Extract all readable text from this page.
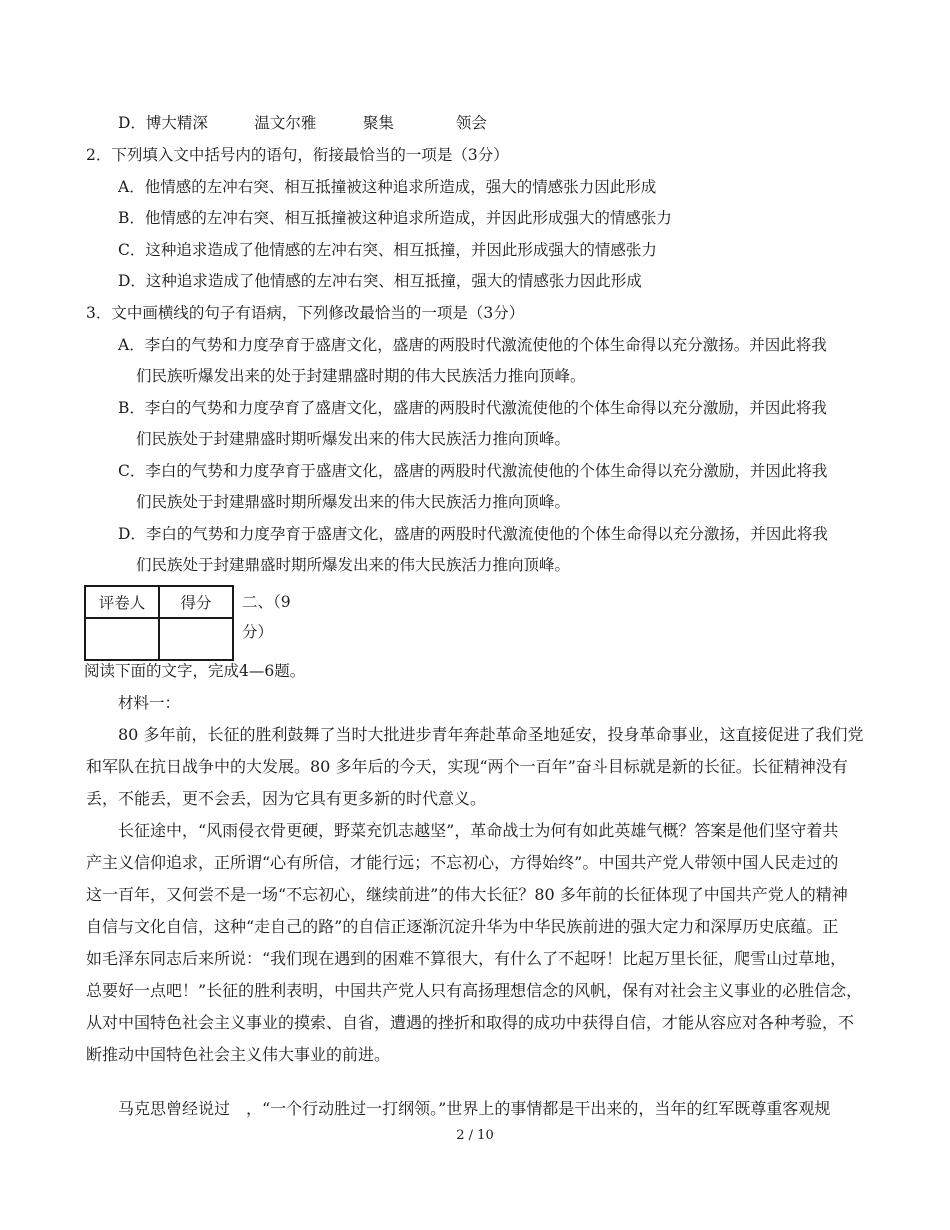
D．博大精深　　　温文尔雅　　　聚集　　　　领会
2．下列填入文中括号内的语句，衔接最恰当的一项是（3分）
A．他情感的左冲右突、相互抵撞被这种追求所造成，强大的情感张力因此形成
B．他情感的左冲右突、相互抵撞被这种追求所造成，并因此形成强大的情感张力
C．这种追求造成了他情感的左冲右突、相互抵撞，并因此形成强大的情感张力
D．这种追求造成了他情感的左冲右突、相互抵撞，强大的情感张力因此形成
3．文中画横线的句子有语病，下列修改最恰当的一项是（3分）
A．李白的气势和力度孕育于盛唐文化，盛唐的两股时代激流使他的个体生命得以充分激扬。并因此将我
们民族听爆发出来的处于封建鼎盛时期的伟大民族活力推向顶峰。
B．李白的气势和力度孕育了盛唐文化，盛唐的两股时代激流使他的个体生命得以充分激励，并因此将我
们民族处于封建鼎盛时期听爆发出来的伟大民族活力推向顶峰。
C．李白的气势和力度孕育于盛唐文化，盛唐的两股时代激流使他的个体生命得以充分激励，并因此将我
们民族处于封建鼎盛时期所爆发出来的伟大民族活力推向顶峰。
D．李白的气势和力度孕育于盛唐文化，盛唐的两股时代激流使他的个体生命得以充分激扬，并因此将我
们民族处于封建鼎盛时期所爆发出来的伟大民族活力推向顶峰。
评卷人	得分
	二、（9
分）
阅读下面的文字，完成4—6题。
材料一：
80 多年前，长征的胜利鼓舞了当时大批进步青年奔赴革命圣地延安，投身革命事业，这直接促进了我们党
和军队在抗日战争中的大发展。80 多年后的今天，实现“两个一百年”奋斗目标就是新的长征。长征精神没有
丢，不能丢，更不会丢，因为它具有更多新的时代意义。
长征途中，“风雨侵衣骨更硬，野菜充饥志越坚”，革命战士为何有如此英雄气概？答案是他们坚守着共
产主义信仰追求，正所谓“心有所信，才能行远；不忘初心，方得始终”。中国共产党人带领中国人民走过的
这一百年，又何尝不是一场“不忘初心，继续前进”的伟大长征？80 多年前的长征体现了中国共产党人的精神
自信与文化自信，这种“走自己的路”的自信正逐渐沉淀升华为中华民族前进的强大定力和深厚历史底蕴。正
如毛泽东同志后来所说：“我们现在遇到的困难不算很大，有什么了不起呀！比起万里长征，爬雪山过草地，
总要好一点吧！”长征的胜利表明，中国共产党人只有高扬理想信念的风帆，保有对社会主义事业的必胜信念，
从对中国特色社会主义事业的摸索、自省，遭遇的挫折和取得的成功中获得自信，才能从容应对各种考验，不
断推动中国特色社会主义伟大事业的前进。
马克思曾经说过　，“一个行动胜过一打纲领。”世界上的事情都是干出来的，当年的红军既尊重客观规
2 / 10
